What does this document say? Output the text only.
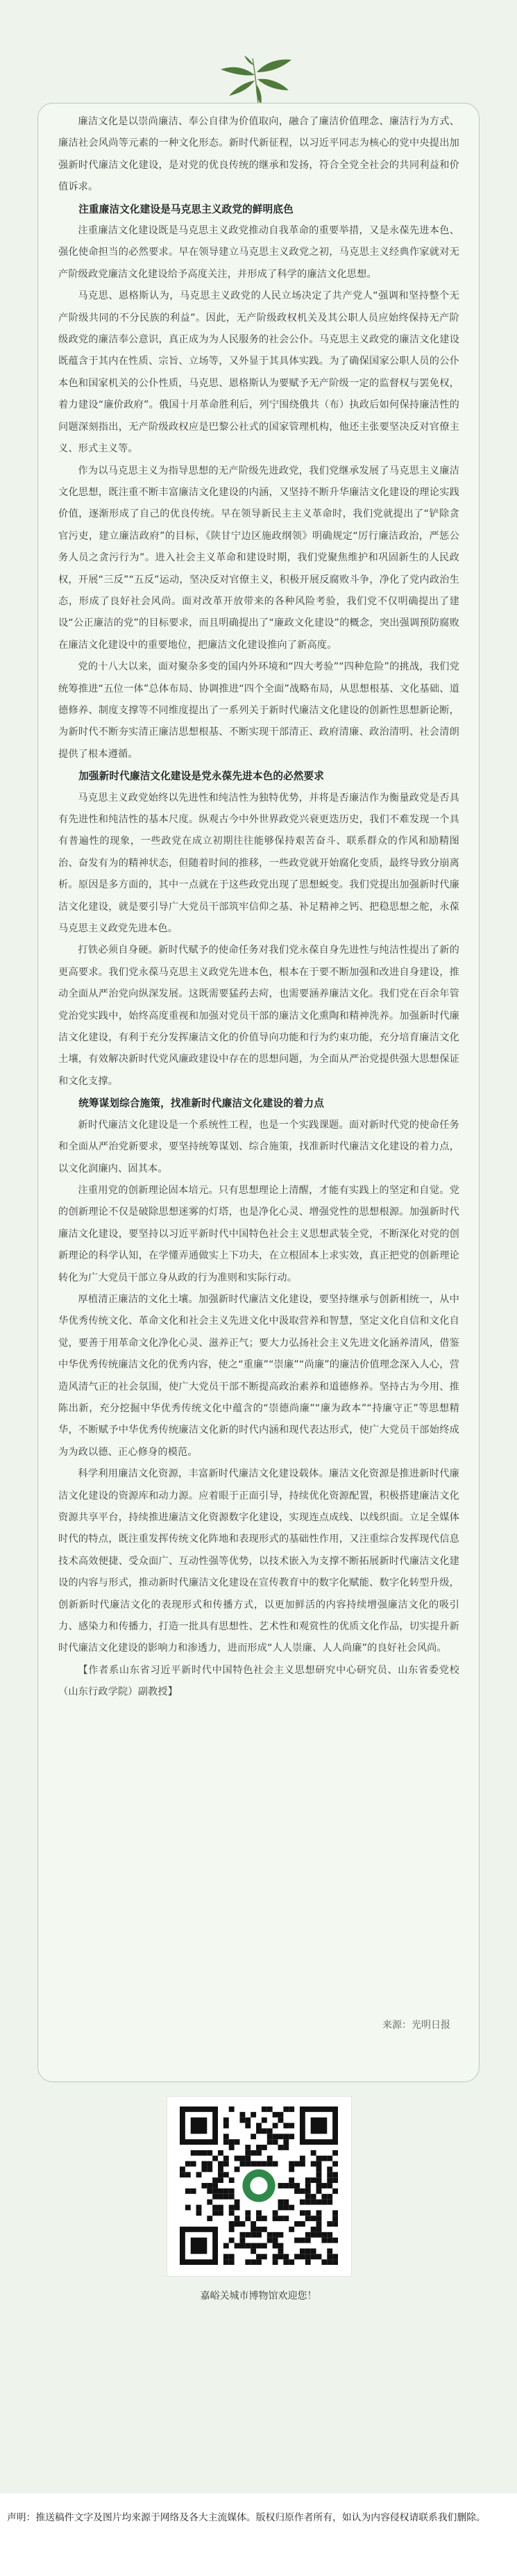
廉洁文化是以崇尚廉洁、奉公自律为价值取向，融合了廉洁价值理念、廉洁行为方式、廉洁社会风尚等元素的一种文化形态。新时代新征程，以习近平同志为核心的党中央提出加强新时代廉洁文化建设，是对党的优良传统的继承和发扬，符合全党全社会的共同利益和价值诉求。

注重廉洁文化建设是马克思主义政党的鲜明底色

注重廉洁文化建设既是马克思主义政党推动自我革命的重要举措，又是永葆先进本色、强化使命担当的必然要求。早在领导建立马克思主义政党之初，马克思主义经典作家就对无产阶级政党廉洁文化建设给予高度关注，并形成了科学的廉洁文化思想。

马克思、恩格斯认为，马克思主义政党的人民立场决定了共产党人“强调和坚持整个无产阶级共同的不分民族的利益”。因此，无产阶级政权机关及其公职人员应始终保持无产阶级政党的廉洁奉公意识，真正成为为人民服务的社会公仆。马克思主义政党的廉洁文化建设既蕴含于其内在性质、宗旨、立场等，又外显于其具体实践。为了确保国家公职人员的公仆本色和国家机关的公仆性质，马克思、恩格斯认为要赋予无产阶级一定的监督权与罢免权，着力建设“廉价政府”。俄国十月革命胜利后，列宁围绕俄共（布）执政后如何保持廉洁性的问题深刻指出，无产阶级政权应是巴黎公社式的国家管理机构，他还主张要坚决反对官僚主义、形式主义等。

作为以马克思主义为指导思想的无产阶级先进政党，我们党继承发展了马克思主义廉洁文化思想，既注重不断丰富廉洁文化建设的内涵，又坚持不断升华廉洁文化建设的理论实践价值，逐渐形成了自己的优良传统。早在领导新民主主义革命时，我们党就提出了“铲除贪官污吏，建立廉洁政府”的目标，《陕甘宁边区施政纲领》明确规定“厉行廉洁政治，严惩公务人员之贪污行为”。进入社会主义革命和建设时期，我们党聚焦维护和巩固新生的人民政权，开展“三反”“五反”运动，坚决反对官僚主义，积极开展反腐败斗争，净化了党内政治生态，形成了良好社会风尚。面对改革开放带来的各种风险考验，我们党不仅明确提出了建设“公正廉洁的党”的目标要求，而且明确提出了“廉政文化建设”的概念，突出强调预防腐败在廉洁文化建设中的重要地位，把廉洁文化建设推向了新高度。

党的十八大以来，面对聚杂多变的国内外环境和“四大考验”“四种危险”的挑战，我们党统筹推进“五位一体”总体布局、协调推进“四个全面”战略布局，从思想根基、文化基础、道德修养、制度支撑等不同维度提出了一系列关于新时代廉洁文化建设的创新性思想新论断，为新时代不断夯实清正廉洁思想根基、不断实现干部清正、政府清廉、政治清明、社会清朗提供了根本遵循。

加强新时代廉洁文化建设是党永葆先进本色的必然要求

马克思主义政党始终以先进性和纯洁性为独特优势，并将是否廉洁作为衡量政党是否具有先进性和纯洁性的基本尺度。纵观古今中外世界政党兴衰更迭历史，我们不难发现一个具有普遍性的现象，一些政党在成立初期往往能够保持艰苦奋斗、联系群众的作风和励精图治、奋发有为的精神状态，但随着时间的推移，一些政党就开始腐化变质，最终导致分崩离析。原因是多方面的，其中一点就在于这些政党出现了思想蜕变。我们党提出加强新时代廉洁文化建设，就是要引导广大党员干部筑牢信仰之基、补足精神之钙、把稳思想之舵，永葆马克思主义政党先进本色。

打铁必须自身硬。新时代赋予的使命任务对我们党永葆自身先进性与纯洁性提出了新的更高要求。我们党永葆马克思主义政党先进本色，根本在于要不断加强和改进自身建设，推动全面从严治党向纵深发展。这既需要猛药去疴，也需要涵养廉洁文化。我们党在百余年管党治党实践中，始终高度重视和加强对党员干部的廉洁文化熏陶和精神洗养。加强新时代廉洁文化建设，有利于充分发挥廉洁文化的价值导向功能和行为约束功能，充分培育廉洁文化土壤，有效解决新时代党风廉政建设中存在的思想问题，为全面从严治党提供强大思想保证和文化支撑。

统筹谋划综合施策，找准新时代廉洁文化建设的着力点

新时代廉洁文化建设是一个系统性工程，也是一个实践课题。面对新时代党的使命任务和全面从严治党新要求，要坚持统筹谋划、综合施策，找准新时代廉洁文化建设的着力点，以文化润廉内、固其本。

注重用党的创新理论固本培元。只有思想理论上清醒，才能有实践上的坚定和自觉。党的创新理论不仅是破除思想迷雾的灯塔，也是净化心灵、增强党性的思想根源。加强新时代廉洁文化建设，要坚持以习近平新时代中国特色社会主义思想武装全党，不断深化对党的创新理论的科学认知，在学懂弄通做实上下功夫，在立根固本上求实效，真正把党的创新理论转化为广大党员干部立身从政的行为准则和实际行动。

厚植清正廉洁的文化土壤。加强新时代廉洁文化建设，要坚持继承与创新相统一，从中华优秀传统文化、革命文化和社会主义先进文化中汲取营养和智慧，坚定文化自信和文化自觉，要善于用革命文化净化心灵、滋养正气；要大力弘扬社会主义先进文化涵养清风，借鉴中华优秀传统廉洁文化的优秀内容，使之“重廉”“崇廉”“尚廉”的廉洁价值理念深入人心，营造风清气正的社会氛围，使广大党员干部不断提高政治素养和道德修养。坚持古为今用、推陈出新，充分挖掘中华优秀传统文化中蕴含的“崇德尚廉”“廉为政本”“持廉守正”等思想精华，不断赋予中华优秀传统廉洁文化新的时代内涵和现代表达形式，使广大党员干部始终成为为政以德、正心修身的模范。

科学利用廉洁文化资源，丰富新时代廉洁文化建设载体。廉洁文化资源是推进新时代廉洁文化建设的资源库和动力源。应着眼于正面引导，持续优化资源配置，积极搭建廉洁文化资源共享平台，持续推进廉洁文化资源数字化建设，实现连点成线、以线织面。立足全媒体时代的特点，既注重发挥传统文化阵地和表现形式的基础性作用，又注重综合发挥现代信息技术高效便捷、受众面广、互动性强等优势，以技术嵌入为支撑不断拓展新时代廉洁文化建设的内容与形式，推动新时代廉洁文化建设在宣传教育中的数字化赋能、数字化转型升级，创新新时代廉洁文化的表现形式和传播方式，以更加鲜活的内容持续增强廉洁文化的吸引力、感染力和传播力，打造一批具有思想性、艺术性和观赏性的优质文化作品，切实提升新时代廉洁文化建设的影响力和渗透力，进而形成“人人崇廉、人人尚廉”的良好社会风尚。

【作者系山东省习近平新时代中国特色社会主义思想研究中心研究员、山东省委党校（山东行政学院）副教授】

来源：光明日报
嘉峪关城市博物馆欢迎您！
声明：推送稿件文字及图片均来源于网络及各大主流媒体。版权归原作者所有，如认为内容侵权请联系我们删除。
